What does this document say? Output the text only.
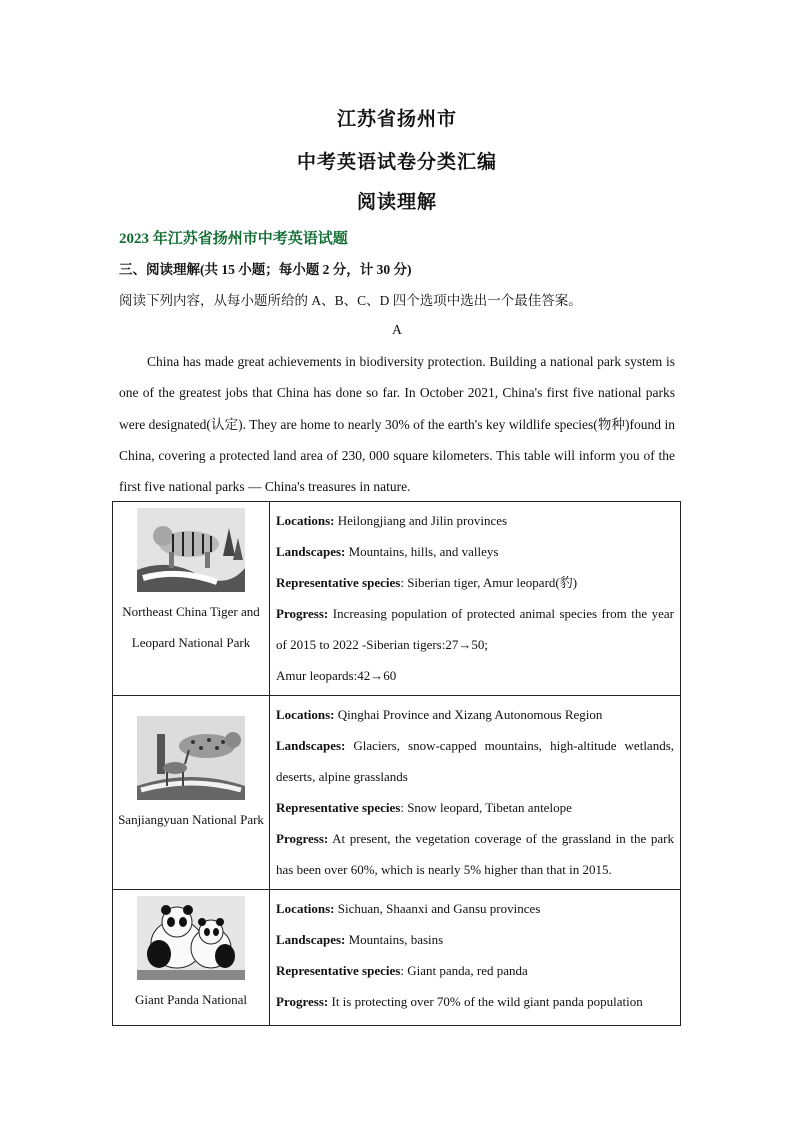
江苏省扬州市
中考英语试卷分类汇编
阅读理解
2023 年江苏省扬州市中考英语试题
三、阅读理解(共 15 小题；每小题 2 分，计 30 分)
阅读下列内容，从每小题所给的 A、B、C、D 四个选项中选出一个最佳答案。
A

China has made great achievements in biodiversity protection. Building a national park system is one of the greatest jobs that China has done so far. In October 2021, China's first five national parks were designated(认定). They are home to nearly 30% of the earth's key wildlife species(物种)found in China, covering a protected land area of 230, 000 square kilometers. This table will inform you of the first five national parks — China's treasures in nature.

Northeast China Tiger and Leopard National Park	Locations: Heilongjiang and Jilin provinces
Landscapes: Mountains, hills, and valleys
Representative species: Siberian tiger, Amur leopard(豹)
Progress: Increasing population of protected animal species from the year of 2015 to 2022 -Siberian tigers:27→50;
Amur leopards:42→60

Sanjiangyuan National Park	Locations: Qinghai Province and Xizang Autonomous Region
Landscapes: Glaciers, snow-capped mountains, high-altitude wetlands, deserts, alpine grasslands
Representative species: Snow leopard, Tibetan antelope
Progress: At present, the vegetation coverage of the grassland in the park has been over 60%, which is nearly 5% higher than that in 2015.

Giant Panda National	Locations: Sichuan, Shaanxi and Gansu provinces
Landscapes: Mountains, basins
Representative species: Giant panda, red panda
Progress: It is protecting over 70% of the wild giant panda population
